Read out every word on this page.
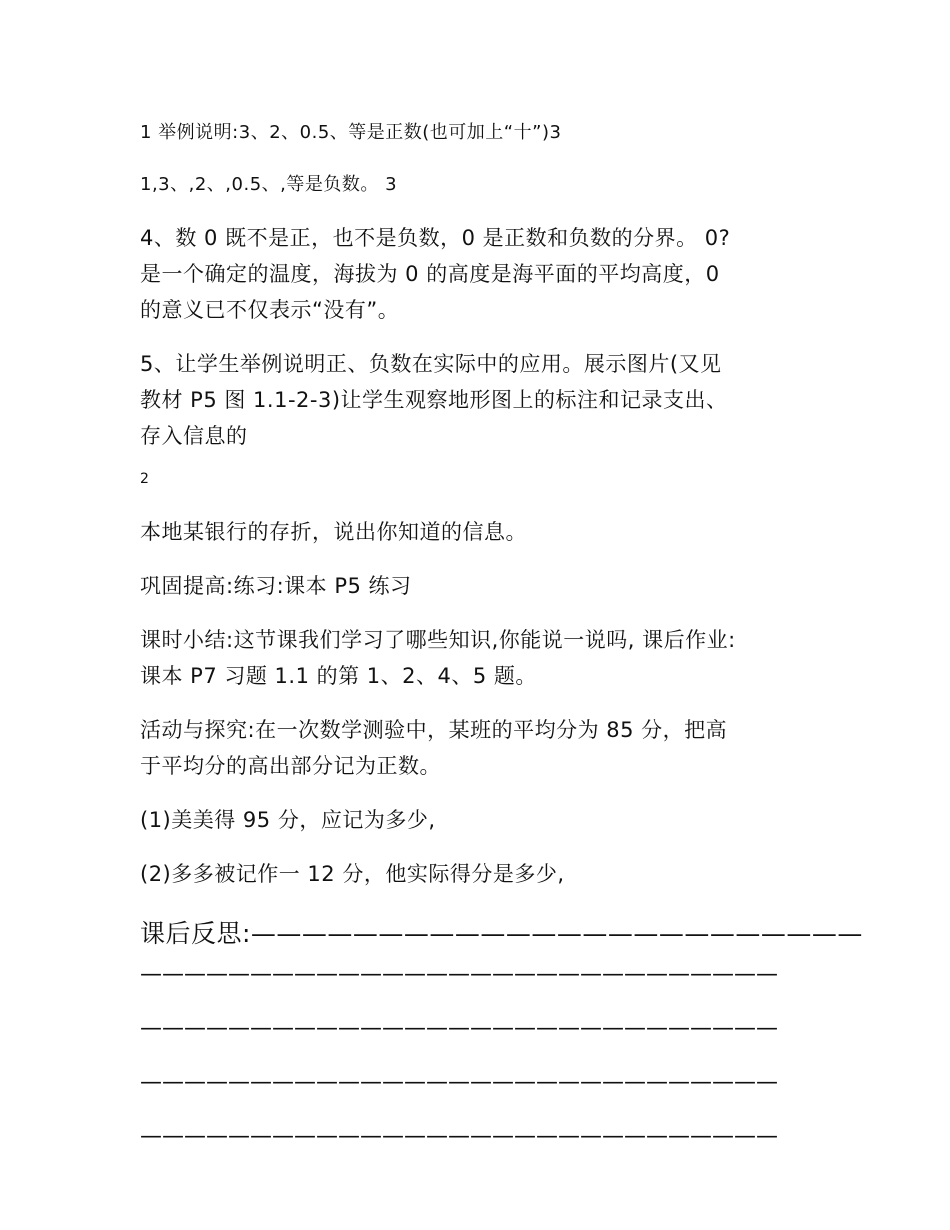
1 举例说明:3、2、0.5、等是正数(也可加上“十”)3

1,3、,2、,0.5、,等是负数。 3

4、数 0 既不是正，也不是负数，0 是正数和负数的分界。 0?

是一个确定的温度，海拔为 0 的高度是海平面的平均高度，0

的意义已不仅表示“没有”。

5、让学生举例说明正、负数在实际中的应用。展示图片(又见

教材 P5 图 1.1-2-3)让学生观察地形图上的标注和记录支出、

存入信息的

2

本地某银行的存折，说出你知道的信息。

巩固提高:练习:课本 P5 练习

课时小结:这节课我们学习了哪些知识,你能说一说吗, 课后作业:

课本 P7 习题 1.1 的第 1、2、4、5 题。

活动与探究:在一次数学测验中，某班的平均分为 85 分，把高

于平均分的高出部分记为正数。

(1)美美得 95 分，应记为多少,

(2)多多被记作一 12 分，他实际得分是多少,

课后反思:————————————————————————

—————————————————————————————

—————————————————————————————

—————————————————————————————

—————————————————————————————
